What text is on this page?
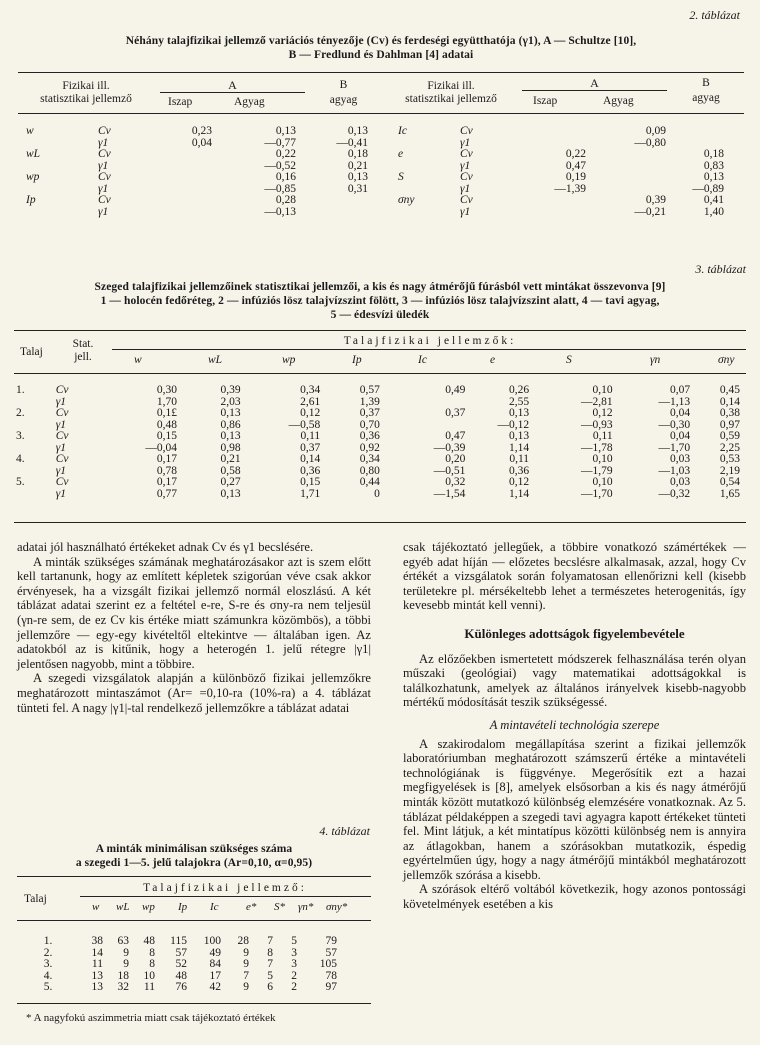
2. táblázat
Néhány talajfizikai jellemző variációs tényezője (Cv) és ferdeségi együtthatója (γ1), A — Schultze [10],
B — Fredlund és Dahlman [4] adatai
Fizikai ill.
statisztikai jellemző
A
Iszap	Agyag
B
agyag
Fizikai ill.
statisztikai jellemző
A
Iszap	Agyag
B
agyag
w	Cv	0,23	0,13	0,13
	γ1	0,04	—0,77	—0,41
wL	Cv		0,22	0,18
	γ1		—0,52	0,21
wp	Cv		0,16	0,13
	γ1		—0,85	0,31
Ip	Cv		0,28	
	γ1		—0,13	
Ic	Cv		0,09	
	γ1		—0,80	
e	Cv	0,22		0,18
	γ1	0,47		0,83
S	Cv	0,19		0,13
	γ1	—1,39		—0,89
σny	Cv		0,39	0,41
	γ1		—0,21	1,40
3. táblázat
Szeged talajfizikai jellemzőinek statisztikai jellemzői, a kis és nagy átmérőjű fúrásból vett mintákat összevonva [9]
1 — holocén fedőréteg, 2 — infúziós lösz talajvízszint fölött, 3 — infúziós lösz talajvízszint alatt, 4 — tavi agyag,
5 — édesvízi üledék
Talaj
Stat.
jell.
Talajfizikai jellemzők:
w	wL	wp	Ip	Ic	e	S	γn	σny
1.	Cv	0,30	0,39	0,34	0,57	0,49	0,26	0,10	0,07	0,45	
	γ1	1,70	2,03	2,61	1,39		2,55	—2,81	—1,13	0,14	
2.	Cv	0,1£	0,13	0,12	0,37	0,37	0,13	0,12	0,04	0,38	
	γ1	0,48	0,86	—0,58	0,70		—0,12	—0,93	—0,30	0,97	
3.	Cv	0,15	0,13	0,11	0,36	0,47	0,13	0,11	0,04	0,59	
	γ1	—0,04	0,98	0,37	0,92	—0,39	1,14	—1,78	—1,70	2,25	
4.	Cv	0,17	0,21	0,14	0,34	0,20	0,11	0,10	0,03	0,53	
	γ1	0,78	0,58	0,36	0,80	—0,51	0,36	—1,79	—1,03	2,19	
5.	Cv	0,17	0,27	0,15	0,44	0,32	0,12	0,10	0,03	0,54	
	γ1	0,77	0,13	1,71	0	—1,54	1,14	—1,70	—0,32	1,65	

adatai jól használható értékeket adnak Cv és γ1 becslésére.

A minták szükséges számának meghatározásakor azt is szem előtt kell tartanunk, hogy az említett képletek szigorúan véve csak akkor érvényesek, ha a vizsgált fizikai jellemző normál eloszlású. A két táblázat adatai szerint ez a feltétel e-re, S-re és σny-ra nem teljesül (γn-re sem, de ez Cv kis értéke miatt számunkra közömbös), a többi jellemzőre — egy-egy kivételtől eltekintve — általában igen. Az adatokból az is kitűnik, hogy a heterogén 1. jelű rétegre |γ1| jelentősen nagyobb, mint a többire.

A szegedi vizsgálatok alapján a különböző fizikai jellemzőkre meghatározott mintaszámot (Ar= =0,10-ra (10%-ra) a 4. táblázat tünteti fel. A nagy |γ1|-tal rendelkező jellemzőkre a táblázat adatai

4. táblázat
A minták minimálisan szükséges száma
a szegedi 1—5. jelű talajokra (Ar=0,10, α=0,95)
Talaj
Talajfizikai jellemző:
w wL wp Ip Ic e* S* γn* σny*
1.	38	63	48	115	100	28	7	5	79	
2.	14	9	8	57	49	9	8	3	57	
3.	11	9	8	52	84	9	7	3	105	
4.	13	18	10	48	17	7	5	2	78	
5.	13	32	11	76	42	9	6	2	97	
* A nagyfokú aszimmetria miatt csak tájékoztató értékek

csak tájékoztató jellegűek, a többire vonatkozó számértékek — egyéb adat híján — előzetes becslésre alkalmasak, azzal, hogy Cv értékét a vizsgálatok során folyamatosan ellenőrizni kell (kisebb területekre pl. mérsékeltebb lehet a természetes heterogenitás, így kevesebb mintát kell venni).

Különleges adottságok figyelembevétele

Az előzőekben ismertetett módszerek felhasználása terén olyan műszaki (geológiai) vagy matematikai adottságokkal is találkozhatunk, amelyek az általános irányelvek kisebb-nagyobb mértékű módosítását teszik szükségessé.

A mintavételi technológia szerepe

A szakirodalom megállapítása szerint a fizikai jellemzők laboratóriumban meghatározott számszerű értéke a mintavételi technológiának is függvénye. Megerősítik ezt a hazai megfigyelések is [8], amelyek elsősorban a kis és nagy átmérőjű minták között mutatkozó különbség elemzésére vonatkoznak. Az 5. táblázat példaképpen a szegedi tavi agyagra kapott értékeket tünteti fel. Mint látjuk, a két mintatípus közötti különbség nem is annyira az átlagokban, hanem a szórásokban mutatkozik, éspedig egyértelműen úgy, hogy a nagy átmérőjű mintákból meghatározott jellemzők szórása a kisebb.

A szórások eltérő voltából következik, hogy azonos pontossági követelmények esetében a kis
